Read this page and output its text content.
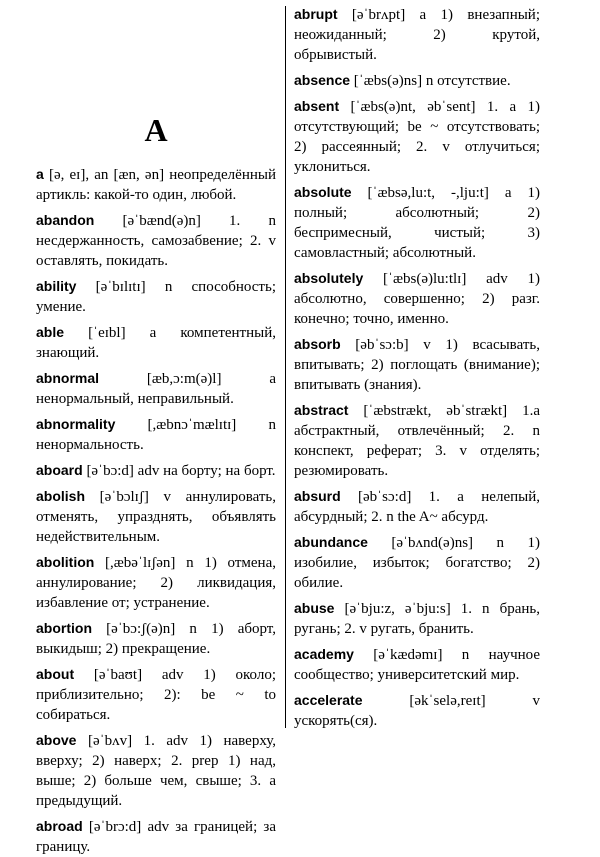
A
a [ə, eɪ], an [æn, ən] неопределённый артикль: какой-то один, любой.
abandon [əˈbænd(ə)n] 1. n несдержанность, самозабвение; 2. v оставлять, покидать.
ability [əˈbɪlɪtɪ] n способность; умение.
able [ˈeɪbl] a компетентный, знающий.
abnormal [æb,ɔ:m(ə)l] a ненормальный, неправильный.
abnormality [,æbnɔˈmælɪtɪ] n ненормальность.
aboard [əˈbɔ:d] adv на борту; на борт.
abolish [əˈbɔlɪʃ] v аннулировать, отменять, упразднять, объявлять недействительным.
abolition [,æbəˈlɪʃən] n 1) отмена, аннулирование; 2) ликвидация, избавление от; устранение.
abortion [əˈbɔ:ʃ(ə)n] n 1) аборт, выкидыш; 2) прекращение.
about [əˈbaʊt] adv 1) около; приблизительно; 2): be ~ to собираться.
above [əˈbʌv] 1. adv 1) наверху, вверху; 2) наверх; 2. prep 1) над, выше; 2) больше чем, свыше; 3. a предыдущий.
abroad [əˈbrɔ:d] adv за границей; за границу.
abrupt [əˈbrʌpt] a 1) внезапный; неожиданный; 2) крутой, обрывистый.
absence [ˈæbs(ə)ns] n отсутствие.
absent [ˈæbs(ə)nt, əbˈsent] 1. a 1) отсутствующий; be ~ отсутствовать; 2) рассеянный; 2. v отлучиться; уклониться.
absolute [ˈæbsə,lu:t, -,lju:t] a 1) полный; абсолютный; 2) беспримесный, чистый; 3) самовластный; абсолютный.
absolutely [ˈæbs(ə)lu:tlɪ] adv 1) абсолютно, совершенно; 2) разг. конечно; точно, именно.
absorb [əbˈsɔ:b] v 1) всасывать, впитывать; 2) поглощать (внимание); впитывать (знания).
abstract [ˈæbstrækt, əbˈstrækt] 1.a абстрактный, отвлечённый; 2. n конспект, реферат; 3. v отделять; резюмировать.
absurd [əbˈsɔ:d] 1. a нелепый, абсурдный; 2. n the A~ абсурд.
abundance [əˈbʌnd(ə)ns] n 1) изобилие, избыток; богатство; 2) обилие.
abuse [əˈbju:z, əˈbju:s] 1. n брань, ругань; 2. v ругать, бранить.
academy [əˈkædəmɪ] n научное сообщество; университетский мир.
accelerate [əkˈselə,reɪt] v ускорять(ся).
